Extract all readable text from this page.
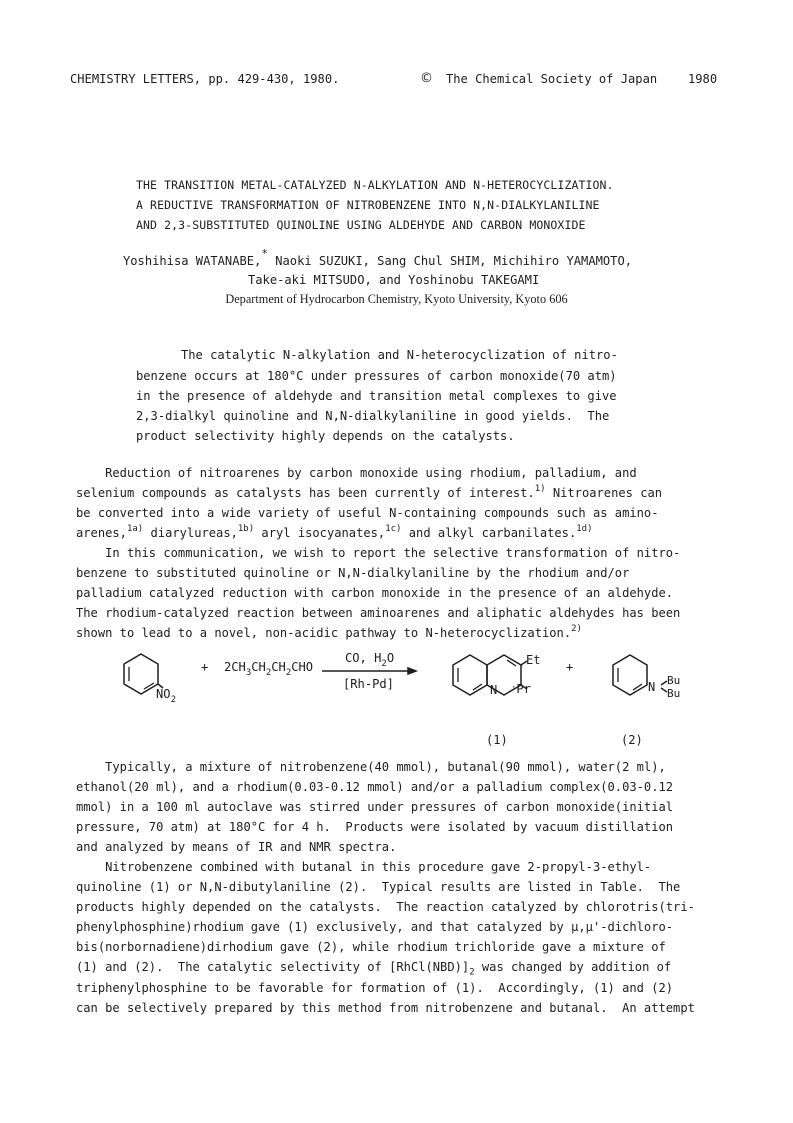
CHEMISTRY LETTERS, pp. 429-430, 1980.	© The Chemical Society of Japan	1980
THE TRANSITION METAL-CATALYZED N-ALKYLATION AND N-HETEROCYCLIZATION.
A REDUCTIVE TRANSFORMATION OF NITROBENZENE INTO N,N-DIALKYLANILINE
AND 2,3-SUBSTITUTED QUINOLINE USING ALDEHYDE AND CARBON MONOXIDE
Yoshihisa WATANABE,* Naoki SUZUKI, Sang Chul SHIM, Michihiro YAMAMOTO,
Take-aki MITSUDO, and Yoshinobu TAKEGAMI
Department of Hydrocarbon Chemistry, Kyoto University, Kyoto 606
The catalytic N-alkylation and N-heterocyclization of nitro-
benzene occurs at 180°C under pressures of carbon monoxide(70 atm)
in the presence of aldehyde and transition metal complexes to give
2,3-dialkyl quinoline and N,N-dialkylaniline in good yields.  The
product selectivity highly depends on the catalysts.
Reduction of nitroarenes by carbon monoxide using rhodium, palladium, and
selenium compounds as catalysts has been currently of interest.$^{1)}$ Nitroarenes can
be converted into a wide variety of useful N-containing compounds such as amino-
arenes,$^{1a)}$ diarylureas,$^{1b)}$ aryl isocyanates,$^{1c)}$ and alkyl carbanilates.$^{1d)}$
In this communication, we wish to report the selective transformation of nitro-
benzene to substituted quinoline or N,N-dialkylaniline by the rhodium and/or
palladium catalyzed reduction with carbon monoxide in the presence of an aldehyde.
The rhodium-catalyzed reaction between aminoarenes and aliphatic aldehydes has been
shown to lead to a novel, non-acidic pathway to N-heterocyclization.$^{2)}$
$NO_2$
+ $2CH_3CH_2CH_2CHO$
CO, $H_2O$
[Rh-Pd]
Et
N ·Pr
+
N Bu
Bu
(1)	(2)
Typically, a mixture of nitrobenzene(40 mmol), butanal(90 mmol), water(2 ml),
ethanol(20 ml), and a rhodium(0.03-0.12 mmol) and/or a palladium complex(0.03-0.12
mmol) in a 100 ml autoclave was stirred under pressures of carbon monoxide(initial
pressure, 70 atm) at 180°C for 4 h.  Products were isolated by vacuum distillation
and analyzed by means of IR and NMR spectra.
Nitrobenzene combined with butanal in this procedure gave 2-propyl-3-ethyl-
quinoline (1) or N,N-dibutylaniline (2).  Typical results are listed in Table.  The
products highly depended on the catalysts.  The reaction catalyzed by chlorotris(tri-
phenylphosphine)rhodium gave (1) exclusively, and that catalyzed by μ,μ'-dichloro-
bis(norbornadiene)dirhodium gave (2), while rhodium trichloride gave a mixture of
(1) and (2).  The catalytic selectivity of $[RhCl(NBD)]_2$ was changed by addition of
triphenylphosphine to be favorable for formation of (1).  Accordingly, (1) and (2)
can be selectively prepared by this method from nitrobenzene and butanal.  An attempt
